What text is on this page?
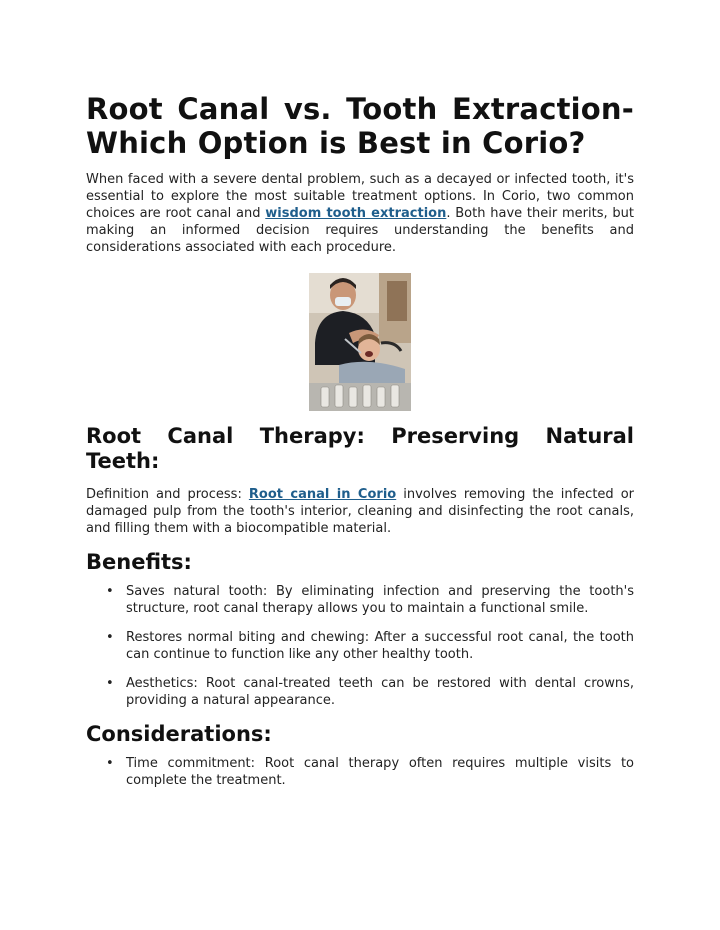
Root Canal vs. Tooth Extraction-
Which Option is Best in Corio?

When faced with a severe dental problem, such as a decayed or infected tooth, it's essential to explore the most suitable treatment options. In Corio, two common choices are root canal and wisdom tooth extraction. Both have their merits, but making an informed decision requires understanding the benefits and considerations associated with each procedure.

Root Canal Therapy: Preserving Natural
Teeth:

Definition and process: Root canal in Corio involves removing the infected or damaged pulp from the tooth's interior, cleaning and disinfecting the root canals, and filling them with a biocompatible material.

Benefits:
• Saves natural tooth: By eliminating infection and preserving the tooth's structure, root canal therapy allows you to maintain a functional smile.
• Restores normal biting and chewing: After a successful root canal, the tooth can continue to function like any other healthy tooth.
• Aesthetics: Root canal-treated teeth can be restored with dental crowns, providing a natural appearance.
Considerations:
• Time commitment: Root canal therapy often requires multiple visits to complete the treatment.
